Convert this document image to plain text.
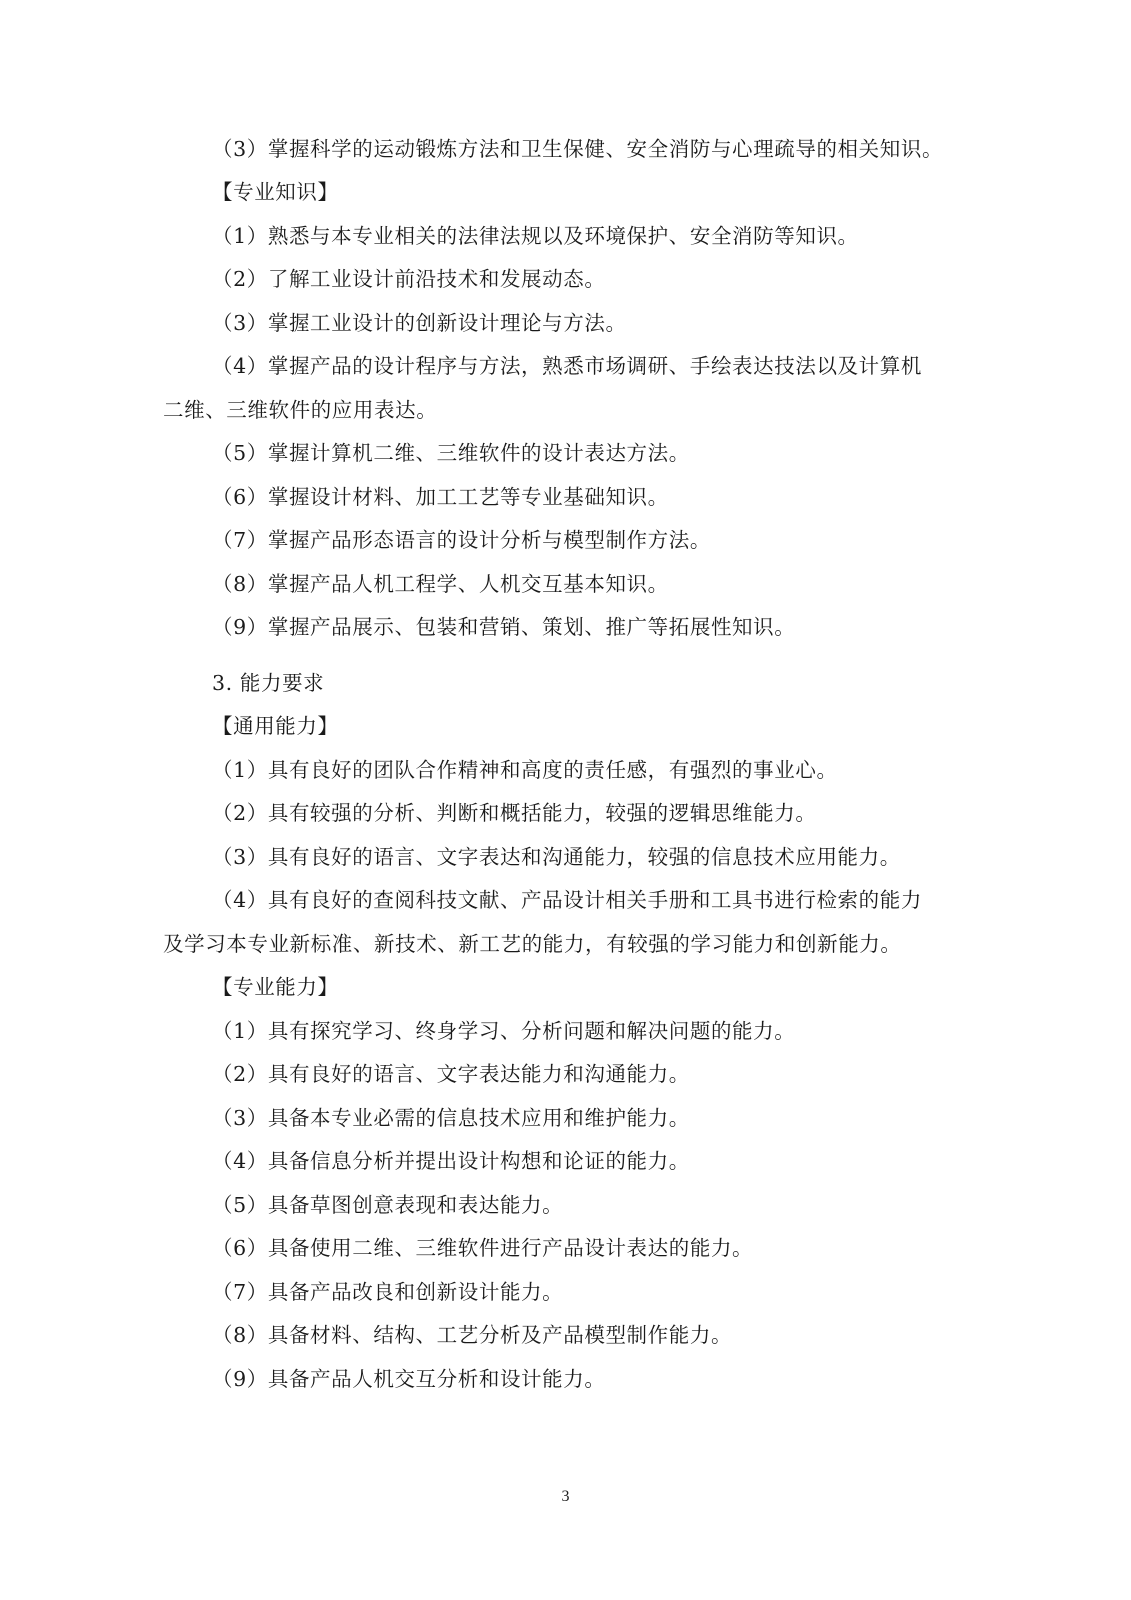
（3）掌握科学的运动锻炼方法和卫生保健、安全消防与心理疏导的相关知识。
【专业知识】
（1）熟悉与本专业相关的法律法规以及环境保护、安全消防等知识。
（2）了解工业设计前沿技术和发展动态。
（3）掌握工业设计的创新设计理论与方法。
（4）掌握产品的设计程序与方法，熟悉市场调研、手绘表达技法以及计算机
二维、三维软件的应用表达。
（5）掌握计算机二维、三维软件的设计表达方法。
（6）掌握设计材料、加工工艺等专业基础知识。
（7）掌握产品形态语言的设计分析与模型制作方法。
（8）掌握产品人机工程学、人机交互基本知识。
（9）掌握产品展示、包装和营销、策划、推广等拓展性知识。
3. 能力要求
【通用能力】
（1）具有良好的团队合作精神和高度的责任感，有强烈的事业心。
（2）具有较强的分析、判断和概括能力，较强的逻辑思维能力。
（3）具有良好的语言、文字表达和沟通能力，较强的信息技术应用能力。
（4）具有良好的查阅科技文献、产品设计相关手册和工具书进行检索的能力
及学习本专业新标准、新技术、新工艺的能力，有较强的学习能力和创新能力。
【专业能力】
（1）具有探究学习、终身学习、分析问题和解决问题的能力。
（2）具有良好的语言、文字表达能力和沟通能力。
（3）具备本专业必需的信息技术应用和维护能力。
（4）具备信息分析并提出设计构想和论证的能力。
（5）具备草图创意表现和表达能力。
（6）具备使用二维、三维软件进行产品设计表达的能力。
（7）具备产品改良和创新设计能力。
（8）具备材料、结构、工艺分析及产品模型制作能力。
（9）具备产品人机交互分析和设计能力。
3
